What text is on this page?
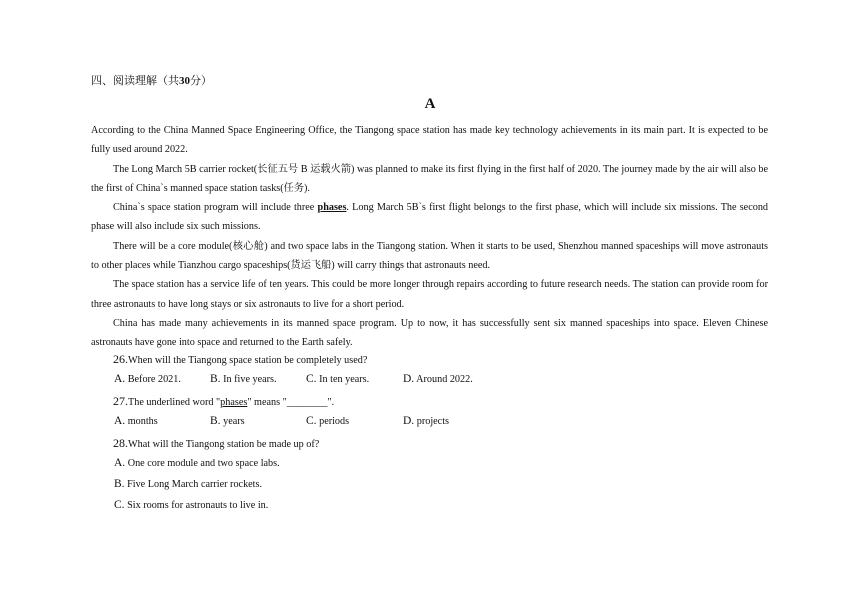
四、阅读理解（共30分）
A

According to the China Manned Space Engineering Office, the Tiangong space station has made key technology achievements in its main part. It is expected to be fully used around 2022.

The Long March 5B carrier rocket(长征五号 B 运载火箭) was planned to make its first flying in the first half of 2020. The journey made by the air will also be the first of China`s manned space station tasks(任务).

China`s space station program will include three phases. Long March 5B`s first flight belongs to the first phase, which will include six missions. The second phase will also include six such missions.

There will be a core module(核心舱) and two space labs in the Tiangong station. When it starts to be used, Shenzhou manned spaceships will move astronauts to other places while Tianzhou cargo spaceships(货运飞船) will carry things that astronauts need.

The space station has a service life of ten years. This could be more longer through repairs according to future research needs. The station can provide room for three astronauts to have long stays or six astronauts to live for a short period.

China has made many achievements in its manned space program. Up to now, it has successfully sent six manned spaceships into space. Eleven Chinese astronauts have gone into space and returned to the Earth safely.

26.When will the Tiangong space station be completely used?
A. Before 2021.	B. In five years.	C. In ten years.	D. Around 2022.
27.The underlined word "phases" means "________".
A. months	B. years	C. periods	D. projects
28.What will the Tiangong station be made up of?
A. One core module and two space labs.
B. Five Long March carrier rockets.
C. Six rooms for astronauts to live in.
